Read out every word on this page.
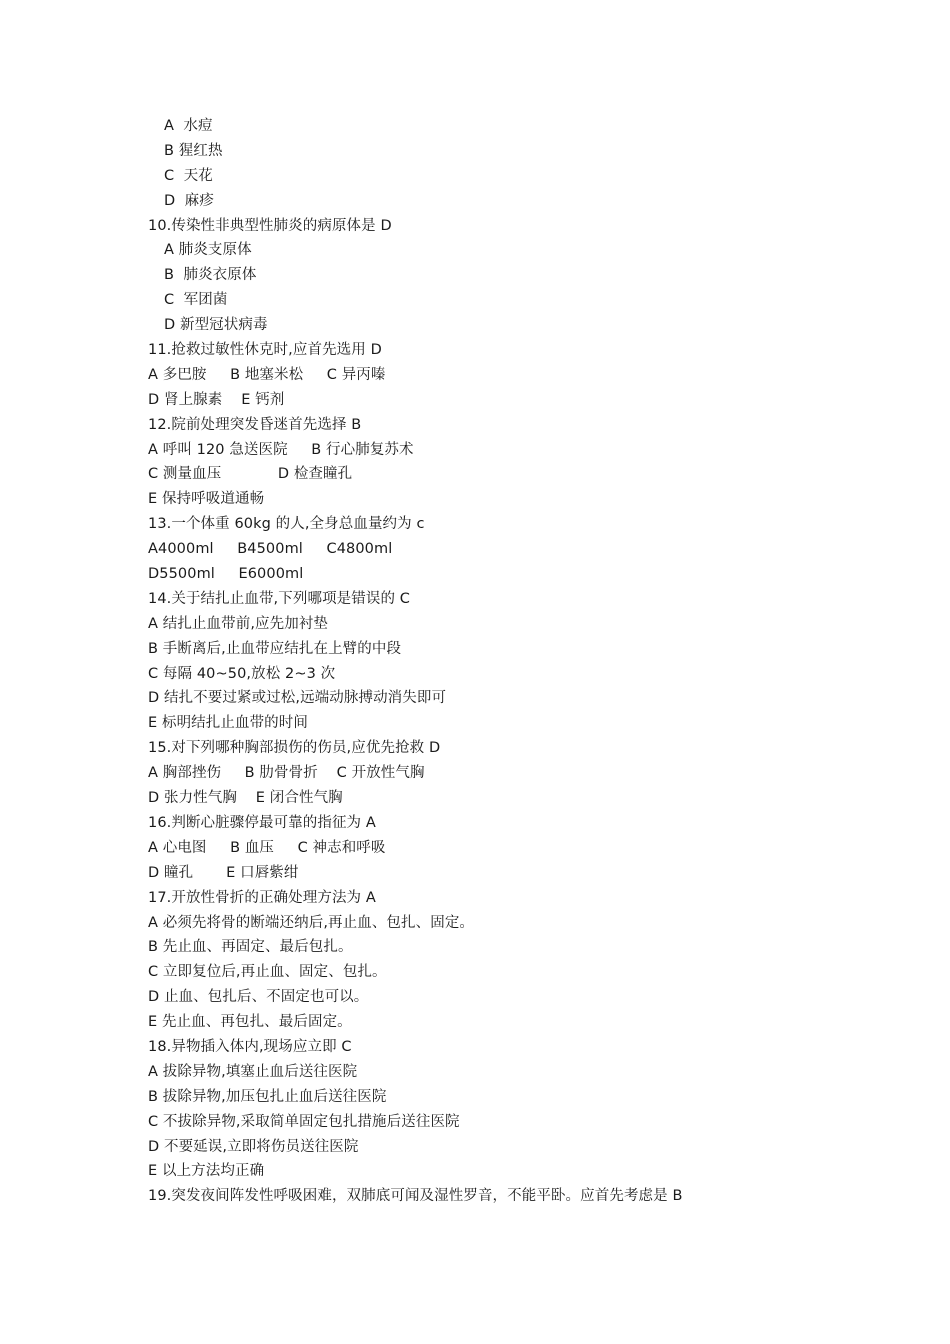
A  水痘
B 猩红热
C  天花
D  麻疹
10.传染性非典型性肺炎的病原体是 D
A 肺炎支原体
B  肺炎衣原体
C  军团菌
D 新型冠状病毒
11.抢救过敏性休克时,应首先选用 D
A 多巴胺     B 地塞米松     C 异丙嗪
D 肾上腺素    E 钙剂
12.院前处理突发昏迷首先选择 B
A 呼叫 120 急送医院     B 行心肺复苏术
C 测量血压            D 检查瞳孔
E 保持呼吸道通畅
13.一个体重 60kg 的人,全身总血量约为 c
A4000ml     B4500ml     C4800ml
D5500ml     E6000ml
14.关于结扎止血带,下列哪项是错误的 C
A 结扎止血带前,应先加衬垫
B 手断离后,止血带应结扎在上臂的中段
C 每隔 40~50,放松 2~3 次
D 结扎不要过紧或过松,远端动脉搏动消失即可
E 标明结扎止血带的时间
15.对下列哪种胸部损伤的伤员,应优先抢救 D
A 胸部挫伤     B 肋骨骨折    C 开放性气胸
D 张力性气胸    E 闭合性气胸
16.判断心脏骤停最可靠的指征为 A
A 心电图     B 血压     C 神志和呼吸
D 瞳孔       E 口唇紫绀
17.开放性骨折的正确处理方法为 A
A 必须先将骨的断端还纳后,再止血、包扎、固定。
B 先止血、再固定、最后包扎。
C 立即复位后,再止血、固定、包扎。
D 止血、包扎后、不固定也可以。
E 先止血、再包扎、最后固定。
18.异物插入体内,现场应立即 C
A 拔除异物,填塞止血后送往医院
B 拔除异物,加压包扎止血后送往医院
C 不拔除异物,采取简单固定包扎措施后送往医院
D 不要延误,立即将伤员送往医院
E 以上方法均正确
19.突发夜间阵发性呼吸困难，双肺底可闻及湿性罗音，不能平卧。应首先考虑是 B
